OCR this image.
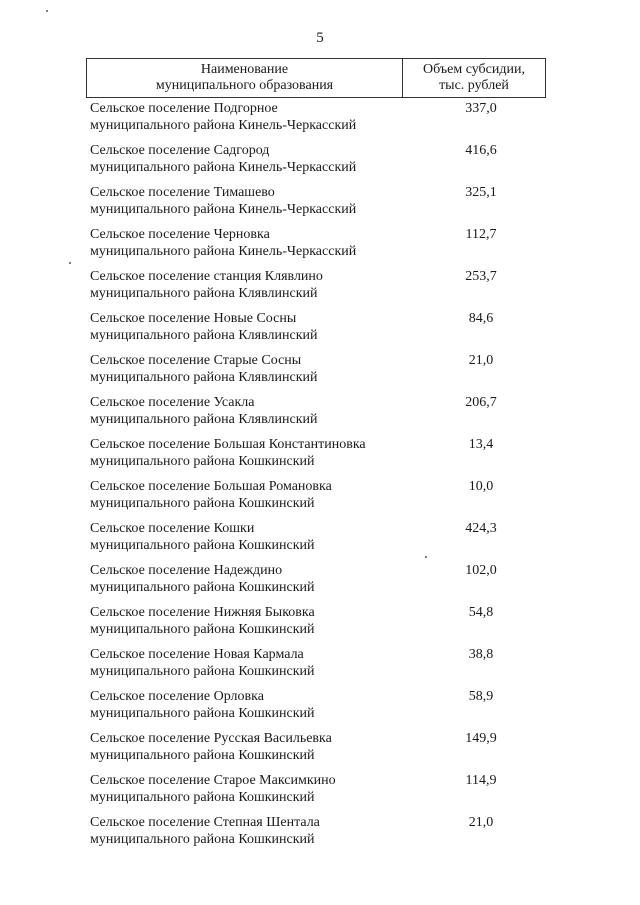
5
Наименование
муниципального образования
Объем субсидии,
тыс. рублей
Сельское поселение Подгорное
муниципального района Кинель-Черкасский
337,0
Сельское поселение Садгород
муниципального района Кинель-Черкасский
416,6
Сельское поселение Тимашево
муниципального района Кинель-Черкасский
325,1
Сельское поселение Черновка
муниципального района Кинель-Черкасский
112,7
Сельское поселение станция Клявлино
муниципального района Клявлинский
253,7
Сельское поселение Новые Сосны
муниципального района Клявлинский
84,6
Сельское поселение Старые Сосны
муниципального района Клявлинский
21,0
Сельское поселение Усакла
муниципального района Клявлинский
206,7
Сельское поселение Большая Константиновка
муниципального района Кошкинский
13,4
Сельское поселение Большая Романовка
муниципального района Кошкинский
10,0
Сельское поселение Кошки
муниципального района Кошкинский
424,3
Сельское поселение Надеждино
муниципального района Кошкинский
102,0
Сельское поселение Нижняя Быковка
муниципального района Кошкинский
54,8
Сельское поселение Новая Кармала
муниципального района Кошкинский
38,8
Сельское поселение Орловка
муниципального района Кошкинский
58,9
Сельское поселение Русская Васильевка
муниципального района Кошкинский
149,9
Сельское поселение Старое Максимкино
муниципального района Кошкинский
114,9
Сельское поселение Степная Шентала
муниципального района Кошкинский
21,0
